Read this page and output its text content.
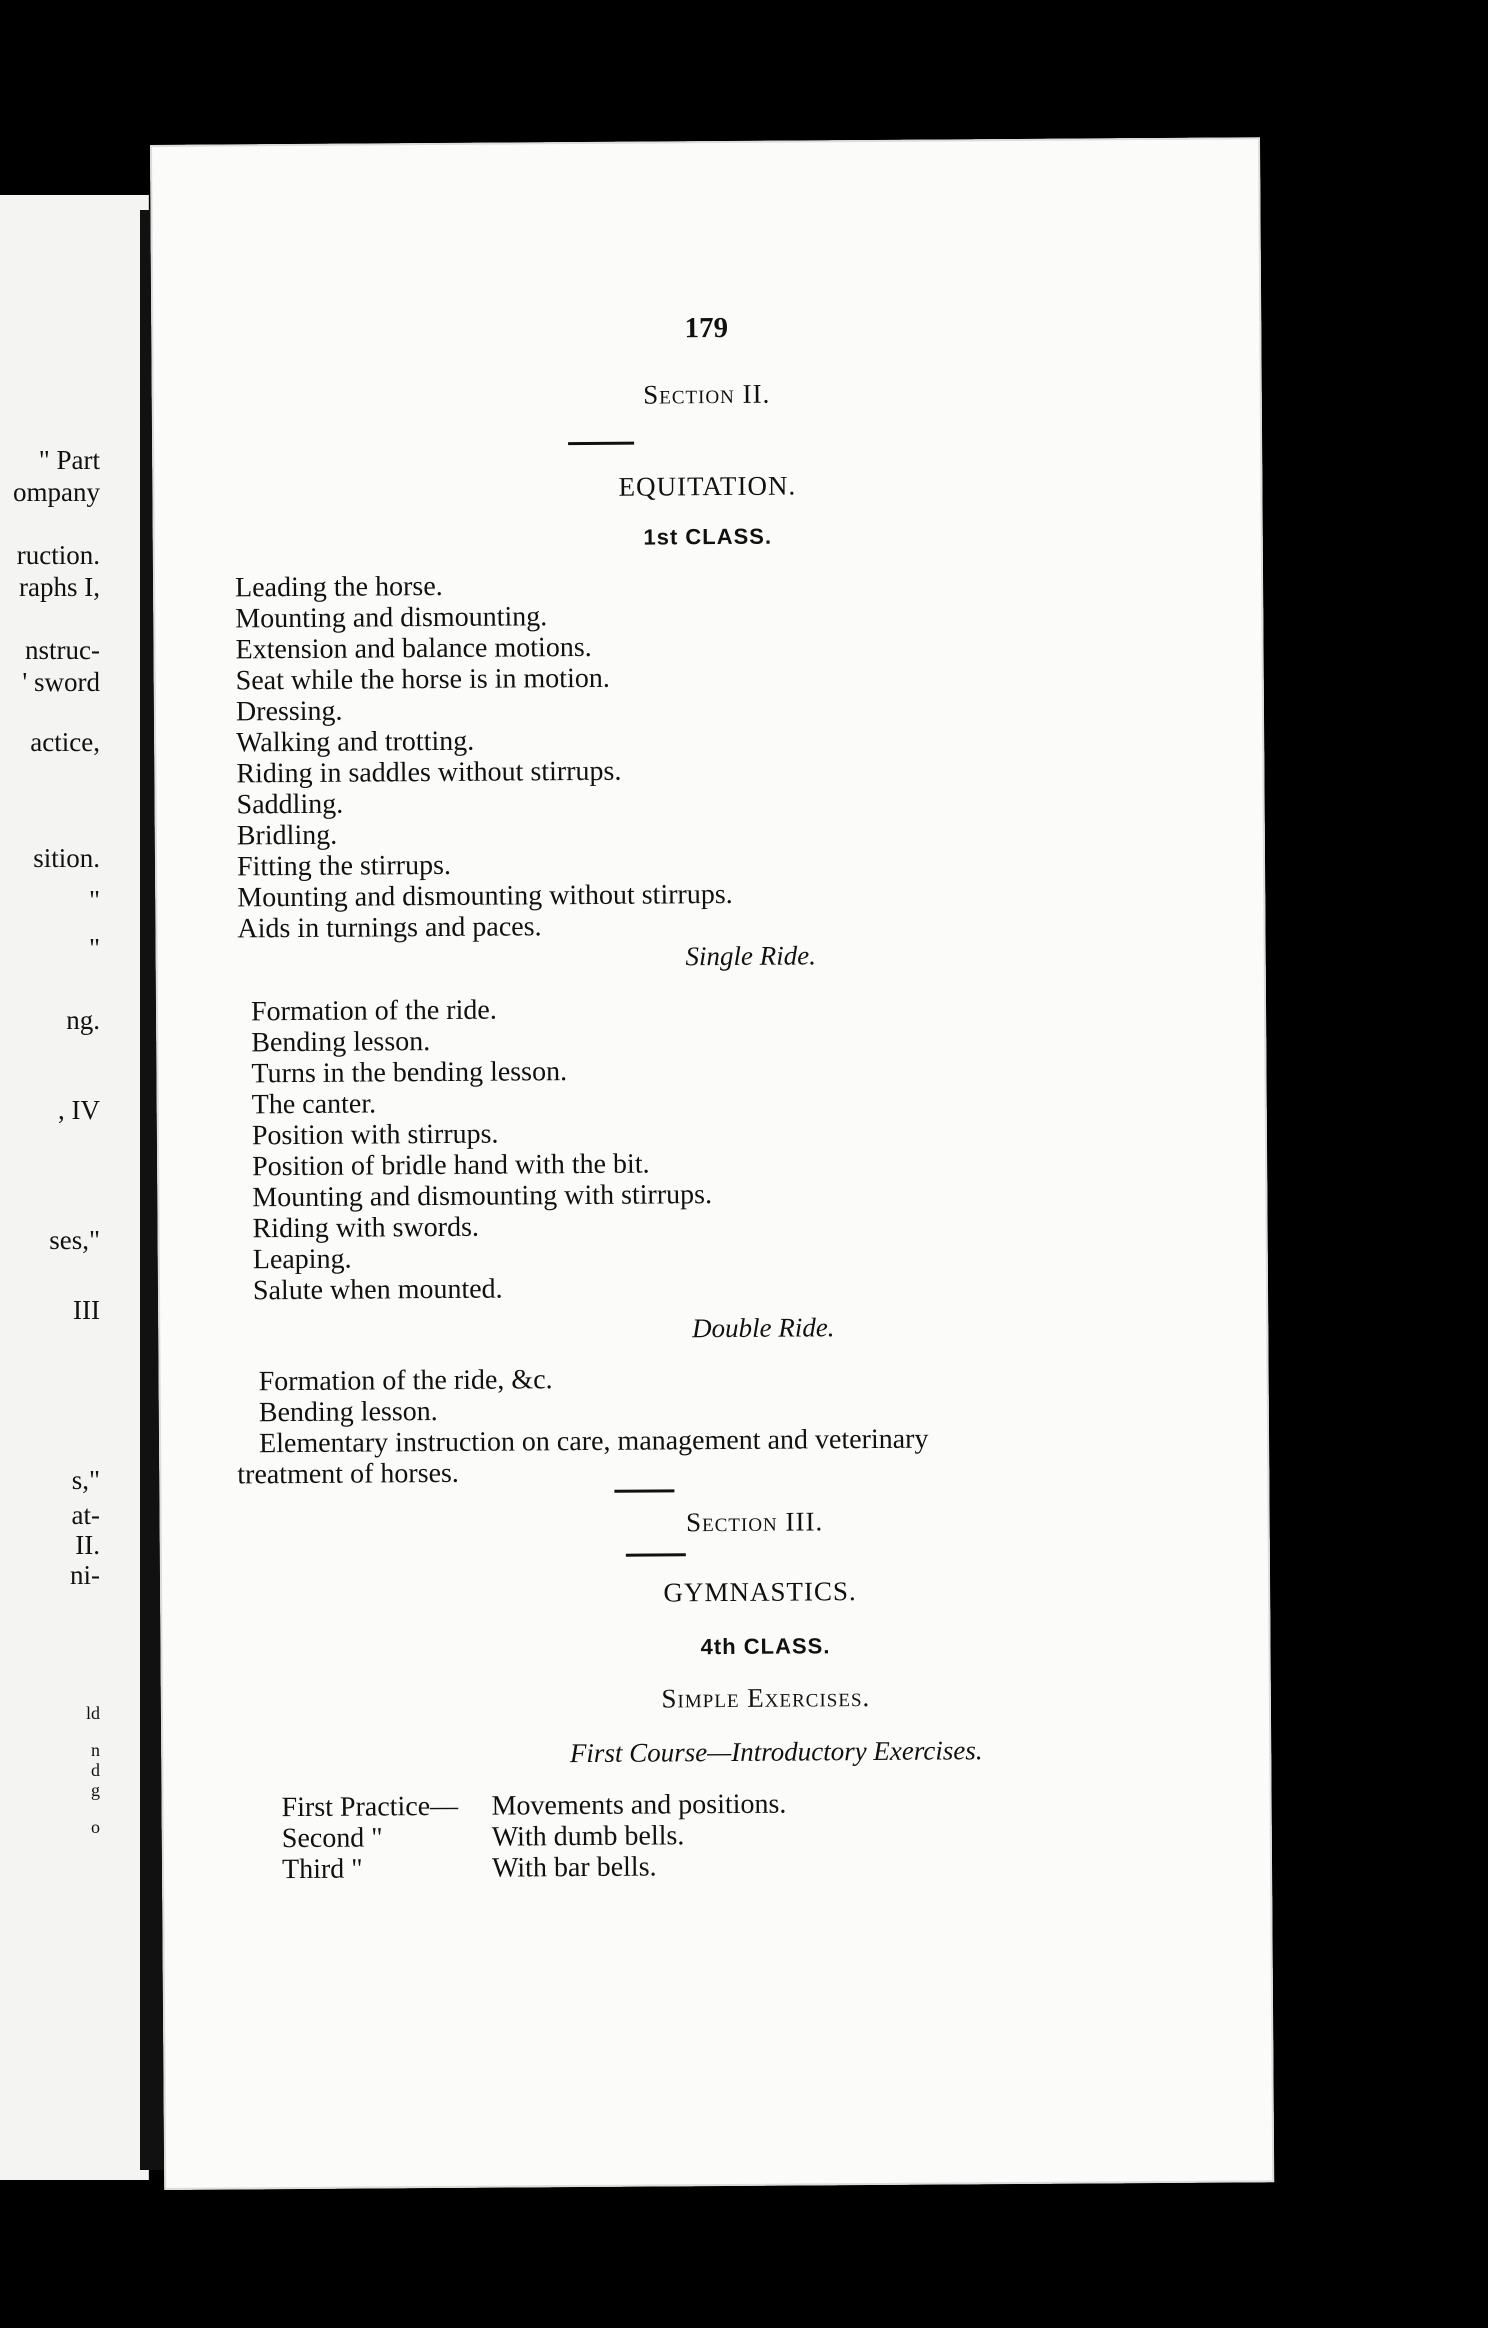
" Part
ompany
ruction.
raphs I,
nstruc-
' sword
actice,
sition.
"
"
ng.
, IV
ses,"
III
s,"
at-
II.
ni-
ld
n
d
g
o
179
Section II.
EQUITATION.
1st CLASS.
Leading the horse.
Mounting and dismounting.
Extension and balance motions.
Seat while the horse is in motion.
Dressing.
Walking and trotting.
Riding in saddles without stirrups.
Saddling.
Bridling.
Fitting the stirrups.
Mounting and dismounting without stirrups.
Aids in turnings and paces.
Single Ride.
Formation of the ride.
Bending lesson.
Turns in the bending lesson.
The canter.
Position with stirrups.
Position of bridle hand with the bit.
Mounting and dismounting with stirrups.
Riding with swords.
Leaping.
Salute when mounted.
Double Ride.
Formation of the ride, &c.
Bending lesson.
Elementary instruction on care, management and veterinary
treatment of horses.
Section III.
GYMNASTICS.
4th CLASS.
Simple Exercises.
First Course—Introductory Exercises.
First Practice— Movements and positions.
Second "	With dumb bells.
Third "	With bar bells.
